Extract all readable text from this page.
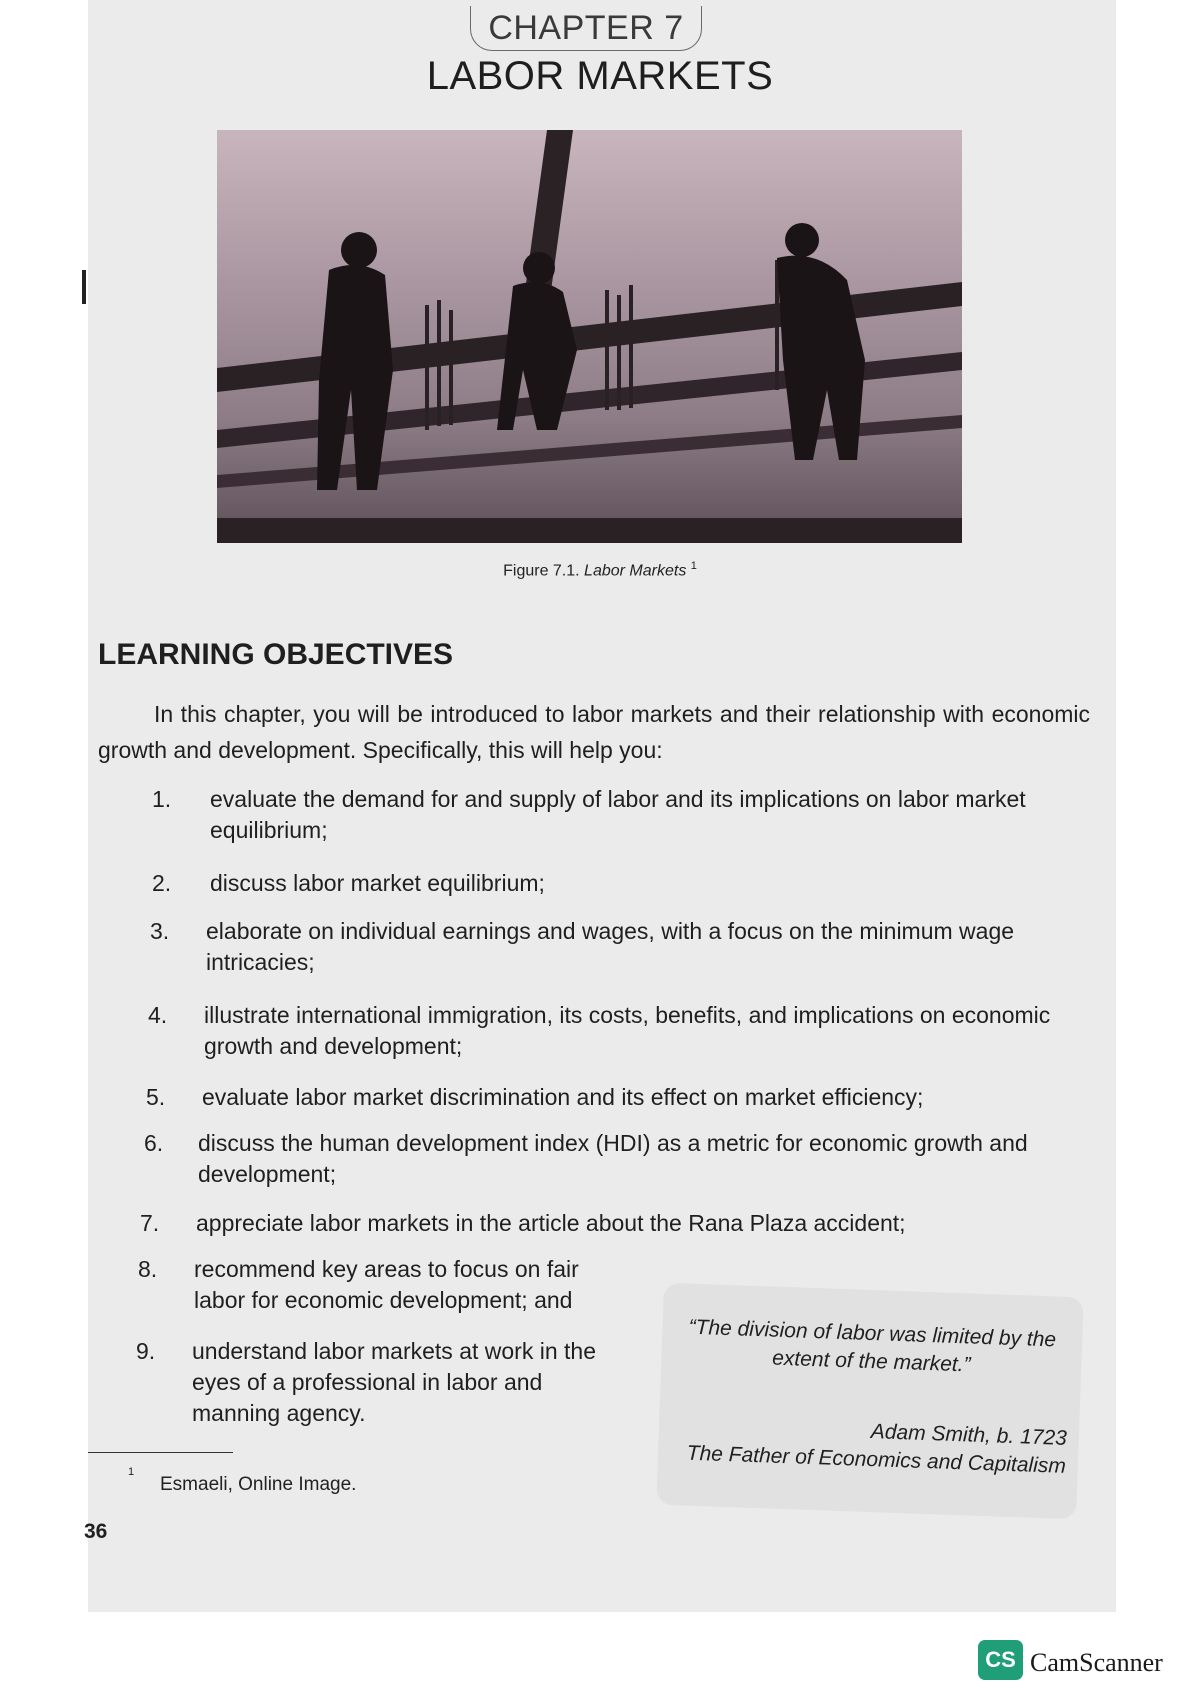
CHAPTER 7
LABOR MARKETS
Figure 7.1. Labor Markets $^1$
LEARNING OBJECTIVES

In this chapter, you will be introduced to labor markets and their relationship with economic growth and development. Specifically, this will help you:

1.	evaluate the demand for and supply of labor and its implications on labor market equilibrium;
2.	discuss labor market equilibrium;
3.	elaborate on individual earnings and wages, with a focus on the minimum wage intricacies;
4.	illustrate international immigration, its costs, benefits, and implications on economic growth and development;
5.	evaluate labor market discrimination and its effect on market efficiency;
6.	discuss the human development index (HDI) as a metric for economic growth and development;
7.	appreciate labor markets in the article about the Rana Plaza accident;
8.	recommend key areas to focus on fair labor for economic development; and
9.	understand labor markets at work in the eyes of a professional in labor and manning agency.

“The division of labor was limited by the extent of the market.”

Adam Smith, b. 1723
The Father of Economics and Capitalism
1
Esmaeli, Online Image.
36
CS CamScanner
